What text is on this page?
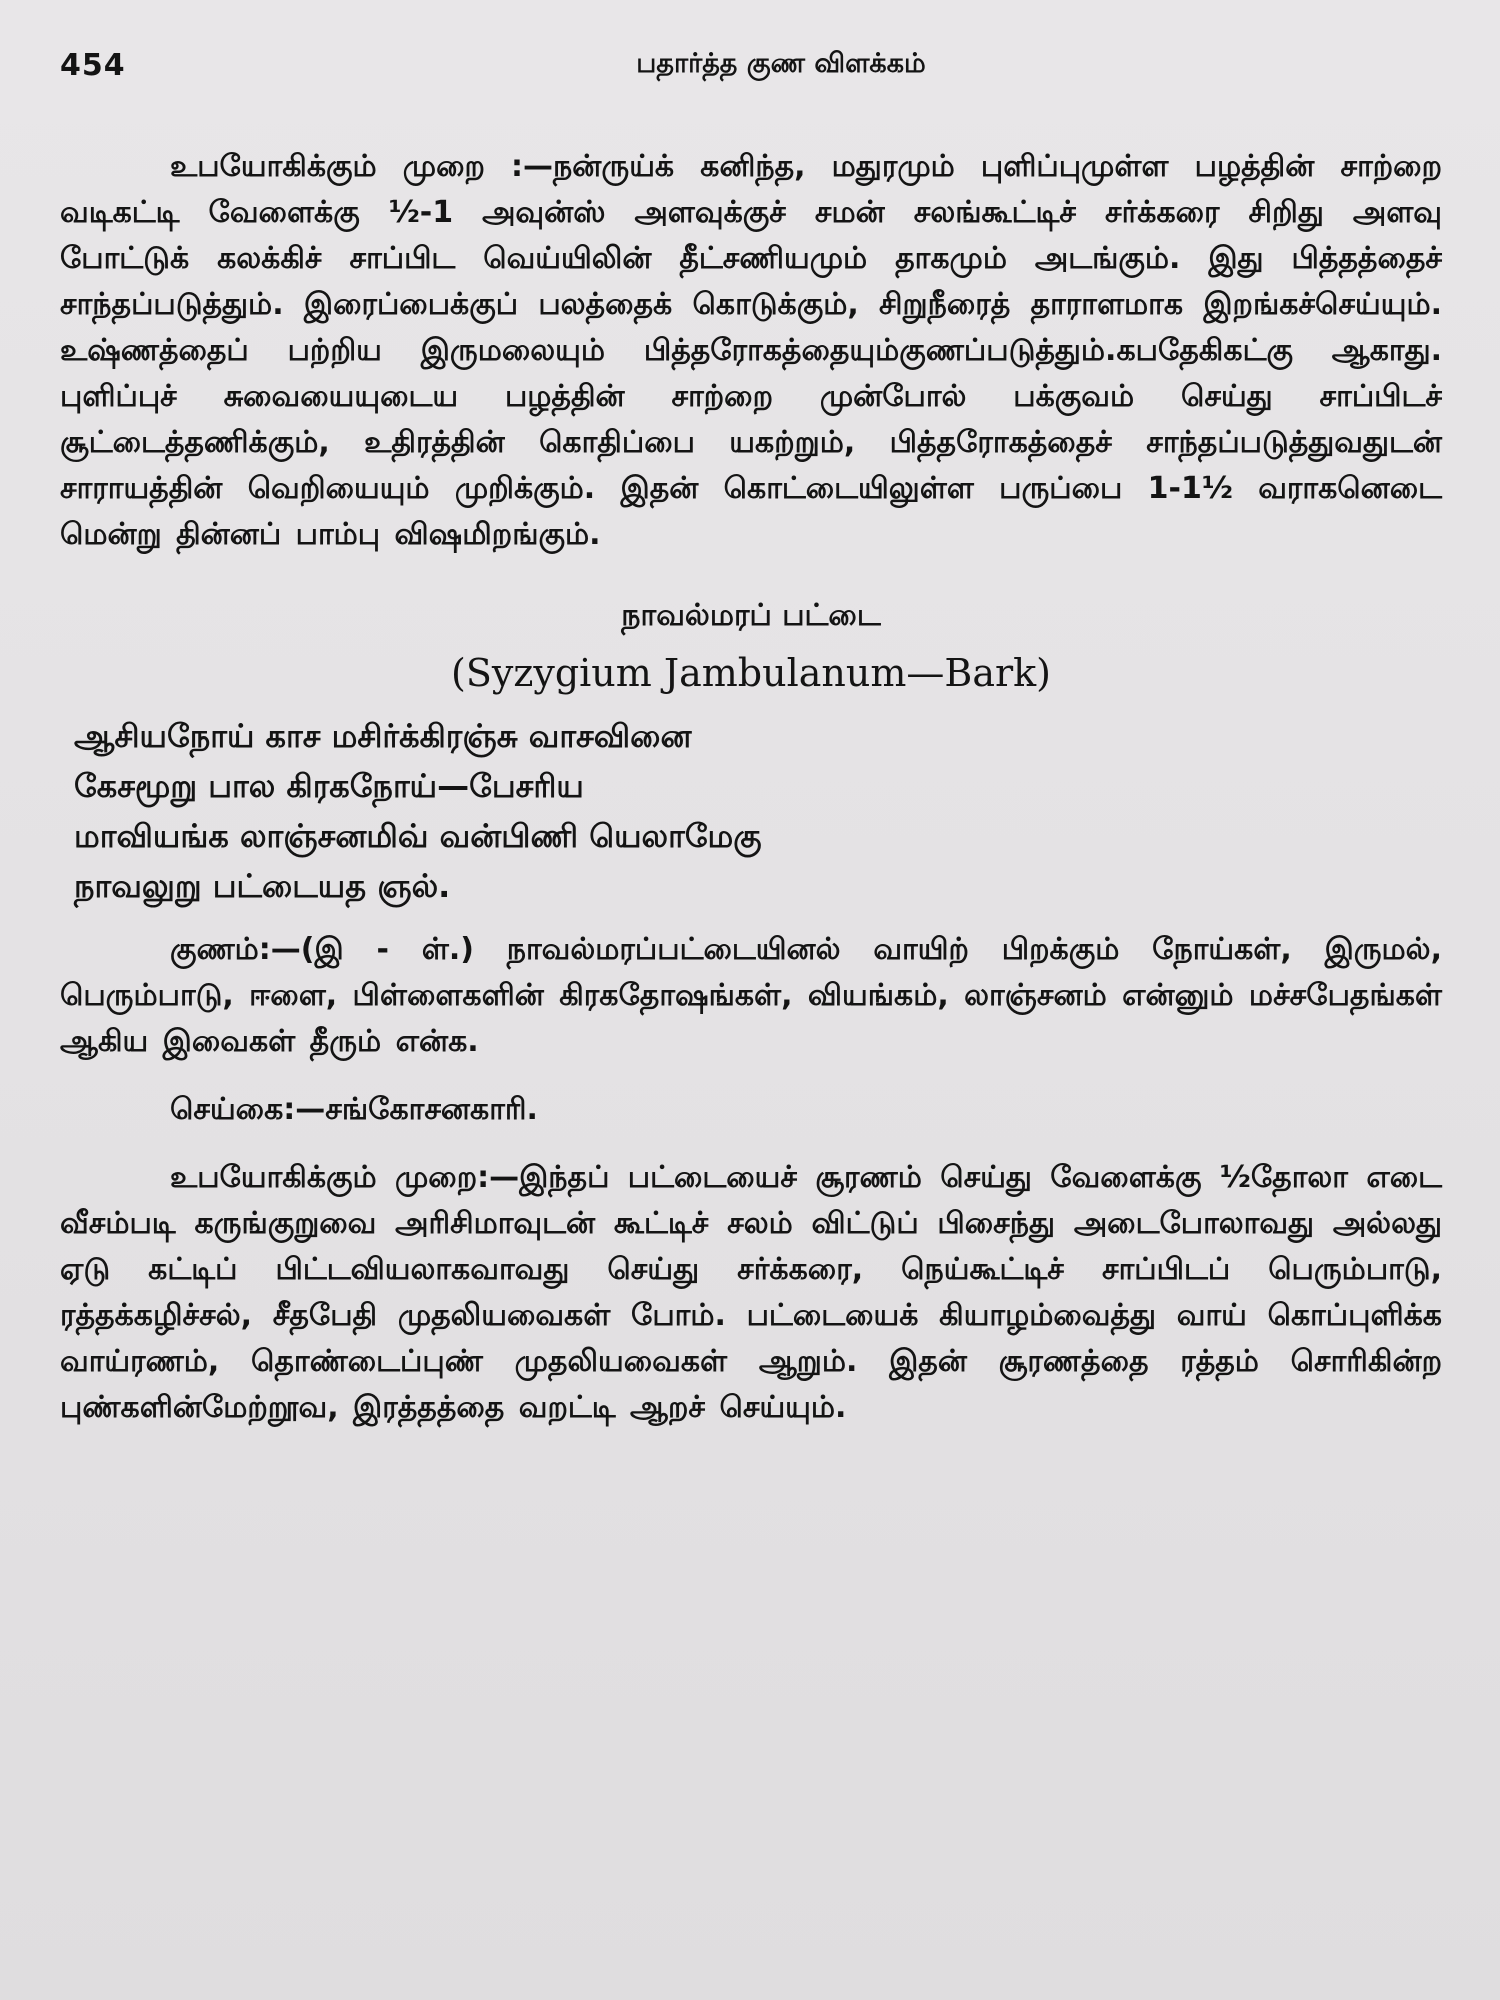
454	பதார்த்த குண விளக்கம்

உபயோகிக்கும் முறை :—நன்ருய்க் கனிந்த, மதுரமும் புளிப்புமுள்ள பழத்தின் சாற்றை வடிகட்டி வேளைக்கு ½-1 அவுன்ஸ் அளவுக்குச் சமன் சலங்கூட்டிச் சர்க்கரை சிறிது அளவு போட்டுக் கலக்கிச் சாப்பிட வெய்யிலின் தீட்சணியமும் தாகமும் அடங்கும். இது பித்தத்தைச் சாந்தப்படுத்தும். இரைப்பைக்குப் பலத்தைக் கொடுக்கும், சிறுநீரைத் தாராளமாக இறங்கச்செய்யும். உஷ்ணத்தைப் பற்றிய இருமலையும் பித்தரோகத்தையும்குணப்படுத்தும்.கபதேகிகட்கு ஆகாது. புளிப்புச் சுவையையுடைய பழத்தின் சாற்றை முன்போல் பக்குவம் செய்து சாப்பிடச் சூட்டைத்தணிக்கும், உதிரத்தின் கொதிப்பை யகற்றும், பித்தரோகத்தைச் சாந்தப்படுத்துவதுடன் சாராயத்தின் வெறியையும் முறிக்கும். இதன் கொட்டையிலுள்ள பருப்பை 1-1½ வராகனெடை மென்று தின்னப் பாம்பு விஷமிறங்கும்.

நாவல்மரப் பட்டை
(Syzygium Jambulanum—Bark)
ஆசியநோய் காச மசிர்க்கிரஞ்சு வாசவினை
கேசமூறு பால கிரகநோய்—பேசரிய
மாவியங்க லாஞ்சனமிவ் வன்பிணி யெலாமேகு
நாவலுறு பட்டையத ஞல்.

குணம்:—(இ - ள்.) நாவல்மரப்பட்டையினல் வாயிற் பிறக்கும் நோய்கள், இருமல், பெரும்பாடு, ஈளை, பிள்ளைகளின் கிரகதோஷங்கள், வியங்கம், லாஞ்சனம் என்னும் மச்சபேதங்கள் ஆகிய இவைகள் தீரும் என்க.

செய்கை:—சங்கோசனகாரி.

உபயோகிக்கும் முறை:—இந்தப் பட்டையைச் சூரணம் செய்து வேளைக்கு ½தோலா எடை வீசம்படி கருங்குறுவை அரிசிமாவுடன் கூட்டிச் சலம் விட்டுப் பிசைந்து அடைபோலாவது அல்லது ஏடு கட்டிப் பிட்டவியலாகவாவது செய்து சர்க்கரை, நெய்கூட்டிச் சாப்பிடப் பெரும்பாடு, ரத்தக்கழிச்சல், சீதபேதி முதலியவைகள் போம். பட்டையைக் கியாழம்வைத்து வாய் கொப்புளிக்க வாய்ரணம், தொண்டைப்புண் முதலியவைகள் ஆறும். இதன் சூரணத்தை ரத்தம் சொரிகின்ற புண்களின்மேற்றூவ, இரத்தத்தை வறட்டி ஆறச் செய்யும்.
